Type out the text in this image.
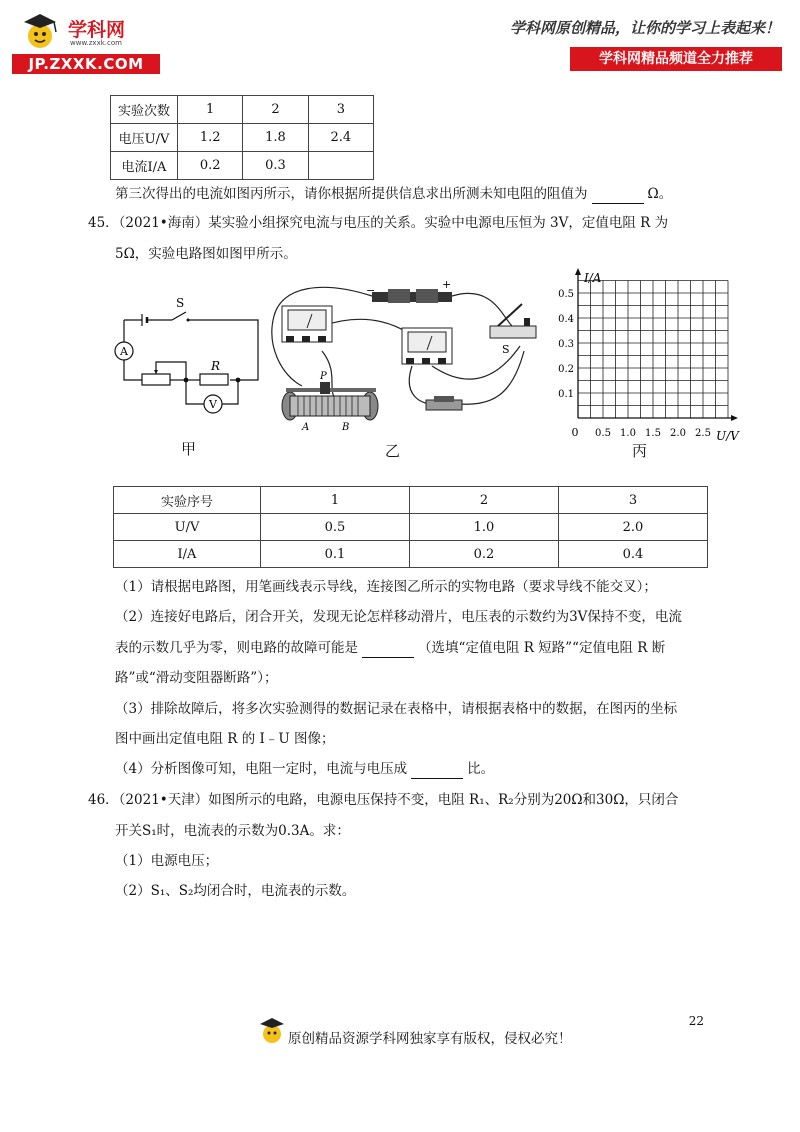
学科网
www.zxxk.com
JP.ZXXK.COM
学科网原创精品，让你的学习上表起来！
学科网精品频道全力推荐
实验次数	1	2	3
电压U/V	1.2	1.8	2.4
电流I/A	0.2	0.3	
第三次得出的电流如图丙所示，请你根据所提供信息求出所测未知电阻的阻值为	Ω。
45．（2021•海南）某实验小组探究电流与电压的关系。实验中电源电压恒为 3V，定值电阻 R 为
5Ω，实验电路图如图甲所示。
A
V
S
R
甲
−	+
S
P
A	B
乙
I/A
U/V
0
0.1
0.2
0.3
0.4
0.5
0.5 1.0 1.5 2.0 2.5
丙
实验序号	1	2	3
U/V	0.5	1.0	2.0
I/A	0.1	0.2	0.4
（1）请根据电路图，用笔画线表示导线，连接图乙所示的实物电路（要求导线不能交叉）；
（2）连接好电路后，闭合开关，发现无论怎样移动滑片，电压表的示数约为3V保持不变，电流
表的示数几乎为零，则电路的故障可能是	（选填“定值电阻 R 短路”“定值电阻 R 断
路”或“滑动变阻器断路”）；
（3）排除故障后，将多次实验测得的数据记录在表格中，请根据表格中的数据，在图丙的坐标
图中画出定值电阻 R 的 I﹣U 图像；
（4）分析图像可知，电阻一定时，电流与电压成	比。
46．（2021•天津）如图所示的电路，电源电压保持不变，电阻 R₁、R₂分别为20Ω和30Ω，只闭合
开关S₁时，电流表的示数为0.3A。求：
（1）电源电压；
（2）S₁、S₂均闭合时，电流表的示数。
22
原创精品资源学科网独家享有版权，侵权必究！
